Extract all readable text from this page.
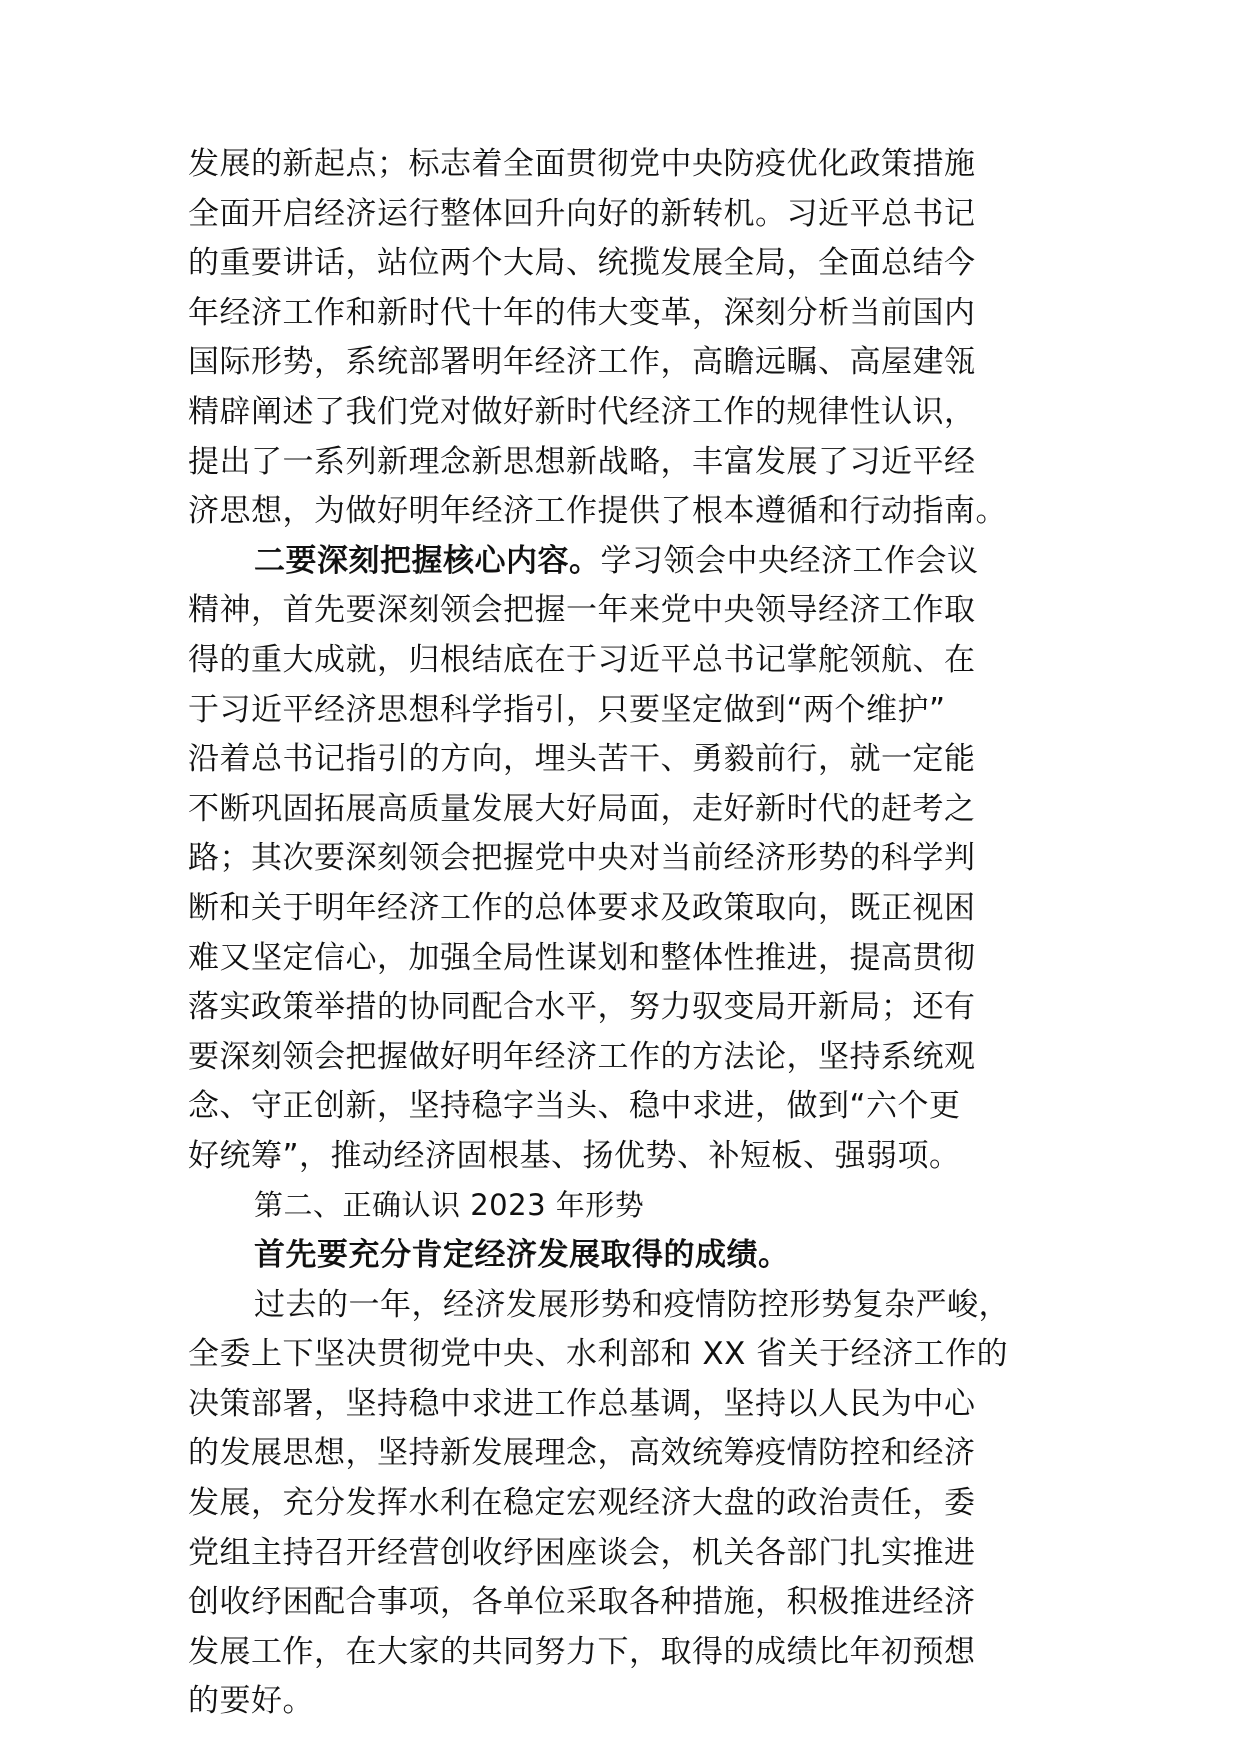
发展的新起点；标志着全面贯彻党中央防疫优化政策措施
全面开启经济运行整体回升向好的新转机。习近平总书记
的重要讲话，站位两个大局、统揽发展全局，全面总结今
年经济工作和新时代十年的伟大变革，深刻分析当前国内
国际形势，系统部署明年经济工作，高瞻远瞩、高屋建瓴
精辟阐述了我们党对做好新时代经济工作的规律性认识，
提出了一系列新理念新思想新战略，丰富发展了习近平经
济思想，为做好明年经济工作提供了根本遵循和行动指南。
二要深刻把握核心内容。学习领会中央经济工作会议
精神，首先要深刻领会把握一年来党中央领导经济工作取
得的重大成就，归根结底在于习近平总书记掌舵领航、在
于习近平经济思想科学指引，只要坚定做到“两个维护”
沿着总书记指引的方向，埋头苦干、勇毅前行，就一定能
不断巩固拓展高质量发展大好局面，走好新时代的赶考之
路；其次要深刻领会把握党中央对当前经济形势的科学判
断和关于明年经济工作的总体要求及政策取向，既正视困
难又坚定信心，加强全局性谋划和整体性推进，提高贯彻
落实政策举措的协同配合水平，努力驭变局开新局；还有
要深刻领会把握做好明年经济工作的方法论，坚持系统观
念、守正创新，坚持稳字当头、稳中求进，做到“六个更
好统筹”，推动经济固根基、扬优势、补短板、强弱项。
第二、正确认识 2023 年形势
首先要充分肯定经济发展取得的成绩。
过去的一年，经济发展形势和疫情防控形势复杂严峻，
全委上下坚决贯彻党中央、水利部和 XX 省关于经济工作的
决策部署，坚持稳中求进工作总基调，坚持以人民为中心
的发展思想，坚持新发展理念，高效统筹疫情防控和经济
发展，充分发挥水利在稳定宏观经济大盘的政治责任，委
党组主持召开经营创收纾困座谈会，机关各部门扎实推进
创收纾困配合事项，各单位采取各种措施，积极推进经济
发展工作，在大家的共同努力下，取得的成绩比年初预想
的要好。
